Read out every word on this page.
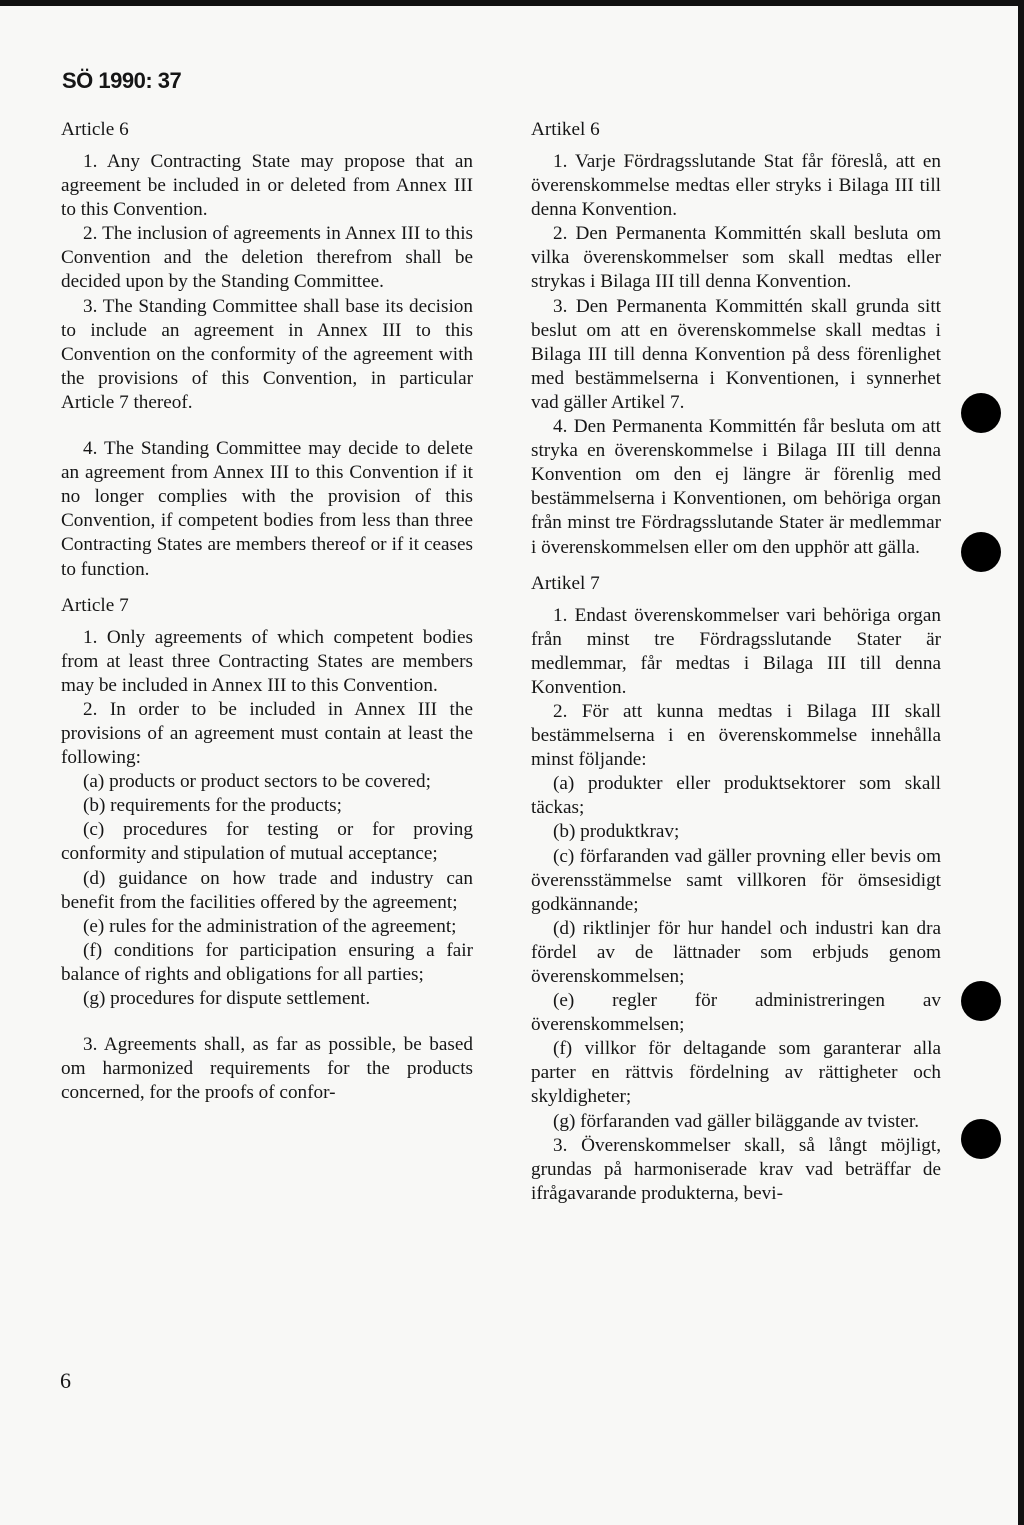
SÖ 1990: 37
Article 6

1. Any Contracting State may propose that an agreement be included in or deleted from Annex III to this Convention.

2. The inclusion of agreements in Annex III to this Convention and the deletion therefrom shall be decided upon by the Standing Committee.

3. The Standing Committee shall base its decision to include an agreement in Annex III to this Convention on the conformity of the agreement with the provisions of this Convention, in particular Article 7 thereof.

4. The Standing Committee may decide to delete an agreement from Annex III to this Convention if it no longer complies with the provision of this Convention, if competent bodies from less than three Contracting States are members thereof or if it ceases to function.

Article 7

1. Only agreements of which competent bodies from at least three Contracting States are members may be included in Annex III to this Convention.

2. In order to be included in Annex III the provisions of an agreement must contain at least the following:

(a) products or product sectors to be covered;

(b) requirements for the products;

(c) procedures for testing or for proving conformity and stipulation of mutual acceptance;

(d) guidance on how trade and industry can benefit from the facilities offered by the agreement;

(e) rules for the administration of the agreement;

(f) conditions for participation ensuring a fair balance of rights and obligations for all parties;

(g) procedures for dispute settlement.

3. Agreements shall, as far as possible, be based om harmonized requirements for the products concerned, for the proofs of confor-

Artikel 6

1. Varje Fördragsslutande Stat får föreslå, att en överenskommelse medtas eller stryks i Bilaga III till denna Konvention.

2. Den Permanenta Kommittén skall besluta om vilka överenskommelser som skall medtas eller strykas i Bilaga III till denna Konvention.

3. Den Permanenta Kommittén skall grunda sitt beslut om att en överenskommelse skall medtas i Bilaga III till denna Konvention på dess förenlighet med bestämmelserna i Konventionen, i synnerhet vad gäller Artikel 7.

4. Den Permanenta Kommittén får besluta om att stryka en överenskommelse i Bilaga III till denna Konvention om den ej längre är förenlig med bestämmelserna i Konventionen, om behöriga organ från minst tre Fördragsslutande Stater är medlemmar i överenskommelsen eller om den upphör att gälla.

Artikel 7

1. Endast överenskommelser vari behöriga organ från minst tre Fördragsslutande Stater är medlemmar, får medtas i Bilaga III till denna Konvention.

2. För att kunna medtas i Bilaga III skall bestämmelserna i en överenskommelse innehålla minst följande:

(a) produkter eller produktsektorer som skall täckas;

(b) produktkrav;

(c) förfaranden vad gäller provning eller bevis om överensstämmelse samt villkoren för ömsesidigt godkännande;

(d) riktlinjer för hur handel och industri kan dra fördel av de lättnader som erbjuds genom överenskommelsen;

(e) regler för administreringen av överenskommelsen;

(f) villkor för deltagande som garanterar alla parter en rättvis fördelning av rättigheter och skyldigheter;

(g) förfaranden vad gäller biläggande av tvister.

3. Överenskommelser skall, så långt möjligt, grundas på harmoniserade krav vad beträffar de ifrågavarande produkterna, bevi-

6
